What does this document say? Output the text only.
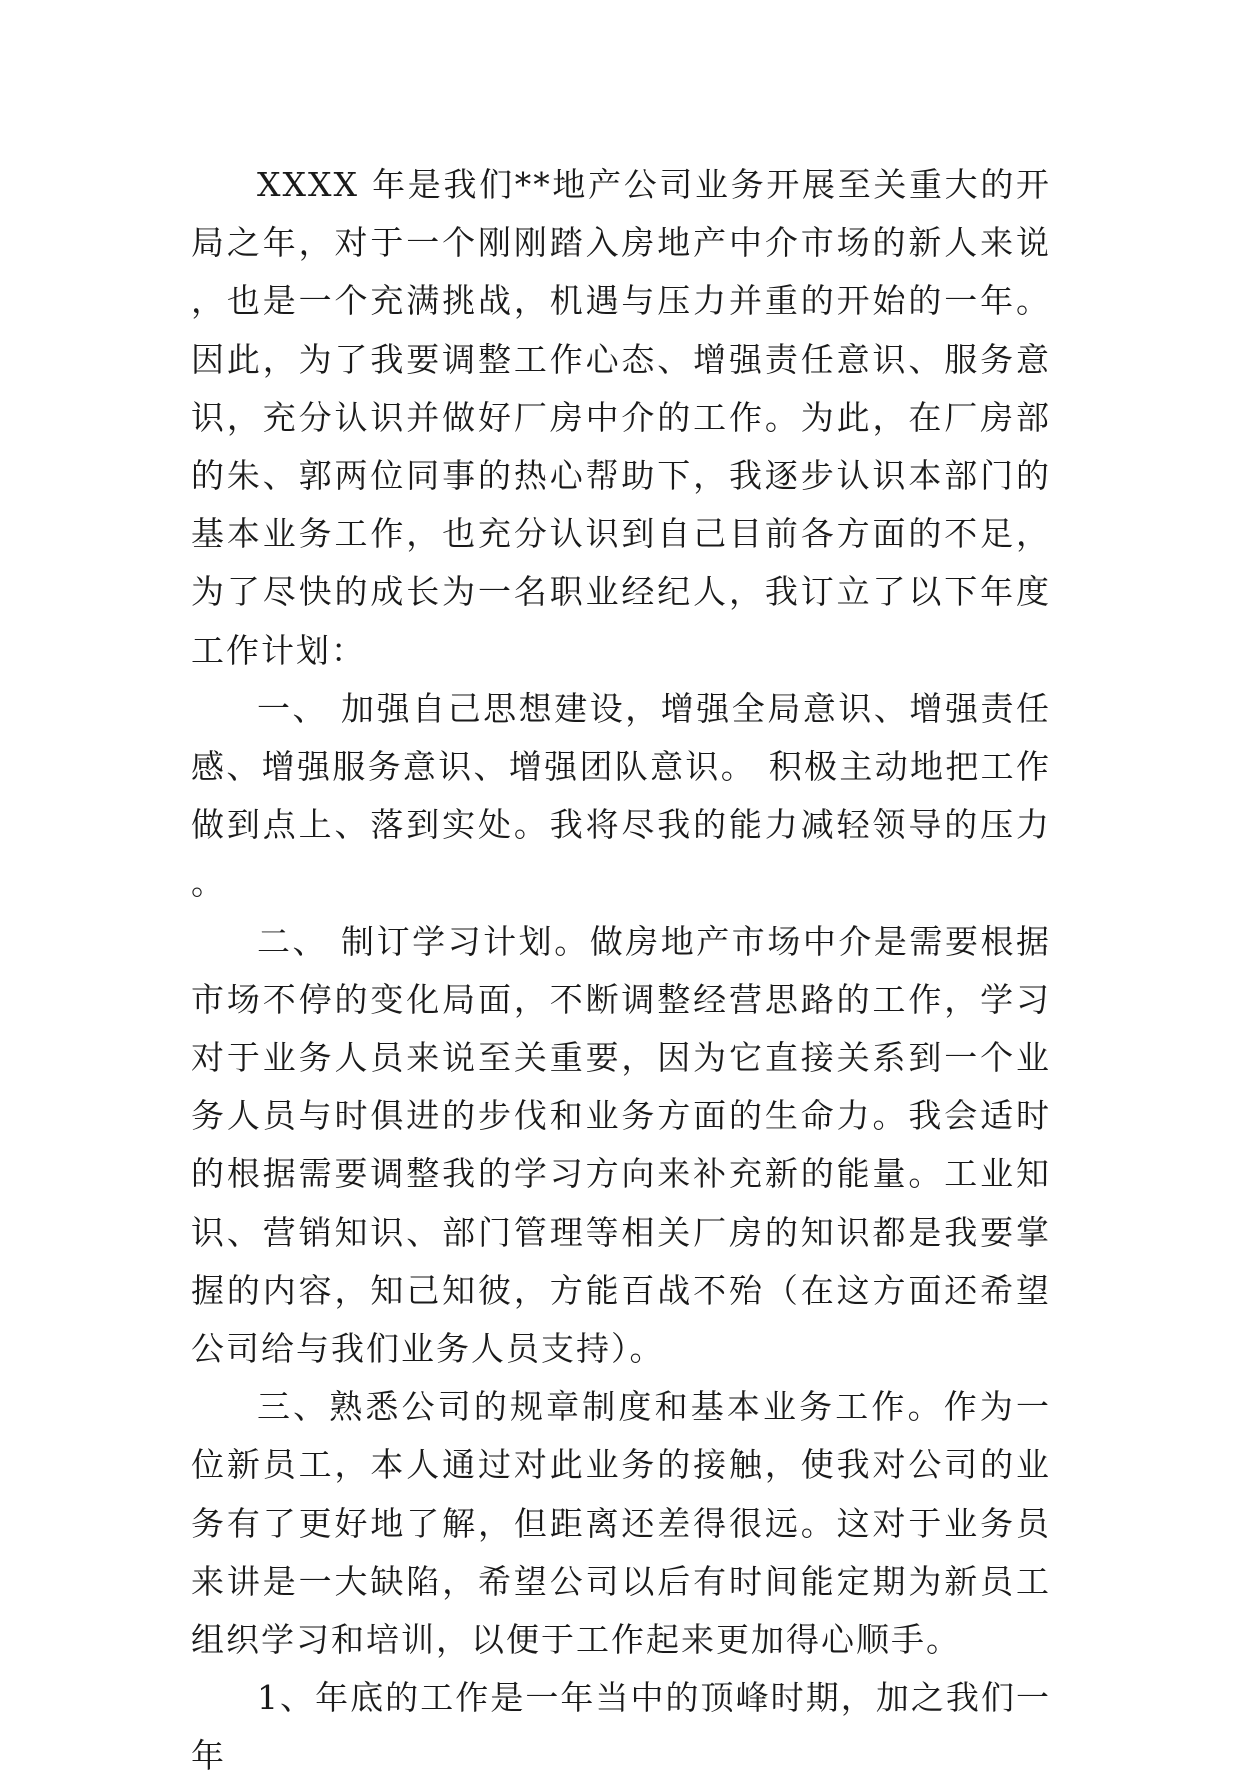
XXXX 年是我们**地产公司业务开展至关重大的开局之年，对于一个刚刚踏入房地产中介市场的新人来说，也是一个充满挑战，机遇与压力并重的开始的一年。因此，为了我要调整工作心态、增强责任意识、服务意识，充分认识并做好厂房中介的工作。为此，在厂房部的朱、郭两位同事的热心帮助下，我逐步认识本部门的基本业务工作，也充分认识到自己目前各方面的不足，为了尽快的成长为一名职业经纪人，我订立了以下年度工作计划：

一、 加强自己思想建设，增强全局意识、增强责任感、增强服务意识、增强团队意识。 积极主动地把工作做到点上、落到实处。我将尽我的能力减轻领导的压力。

二、 制订学习计划。做房地产市场中介是需要根据市场不停的变化局面，不断调整经营思路的工作，学习对于业务人员来说至关重要，因为它直接关系到一个业务人员与时俱进的步伐和业务方面的生命力。我会适时的根据需要调整我的学习方向来补充新的能量。工业知识、营销知识、部门管理等相关厂房的知识都是我要掌握的内容，知己知彼，方能百战不殆（在这方面还希望公司给与我们业务人员支持）。

三、熟悉公司的规章制度和基本业务工作。作为一位新员工，本人通过对此业务的接触，使我对公司的业务有了更好地了解，但距离还差得很远。这对于业务员来讲是一大缺陷，希望公司以后有时间能定期为新员工组织学习和培训，以便于工作起来更加得心顺手。

1、年底的工作是一年当中的顶峰时期，加之我们一年
